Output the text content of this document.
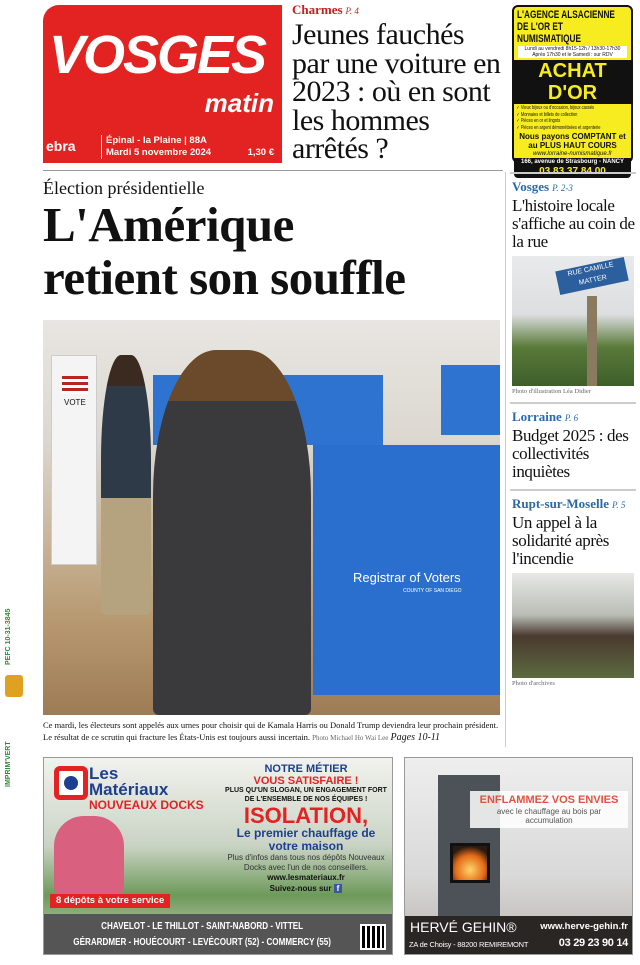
VOSGES
matin
ebra	Épinal - la Plaine | 88A
Mardi 5 novembre 2024	1,30 €
Charmes P. 4
Jeunes fauchés par une voiture en 2023 : où en sont les hommes arrêtés ?
L'AGENCE ALSACIENNE DE L'OR ET NUMISMATIQUE
Lundi au vendredi 8h15-12h / 13h30-17h30 Après 17h30 et le Samedi : sur RDV
ACHAT D'OR
✓ Vieux bijoux ou d'occasion, bijoux cassés
✓ Monnaies et billets de collection
✓ Pièces en or et lingots
✓ Pièces en argent démonétisées et argenterie
Nous payons COMPTANT et au PLUS HAUT COURS
www.lorraine-numismatique.fr
166, avenue de Strasbourg - NANCY
Élection présidentielle
L'Amérique
retient son souffle
VOTE
Registrar of Voters
COUNTY OF SAN DIEGO
Ce mardi, les électeurs sont appelés aux urnes pour choisir qui de Kamala Harris ou Donald Trump deviendra leur prochain président. Le résultat de ce scrutin qui fracture les États-Unis est toujours aussi incertain. Photo Michael Ho Wai Lee Pages 10-11
Vosges P. 2-3
L'histoire locale s'affiche au coin de la rue
RUE CAMILLE MATTER
Photo d'illustration Léa Didier
Lorraine P. 6
Budget 2025 : des collectivités inquiètes
Rupt-sur-Moselle P. 5
Un appel à la solidarité après l'incendie
Photo d'archives
PEFC 10-31-3845
IMPRIM'VERT	Les
Matériaux
NOUVEAUX DOCKS
NOTRE MÉTIER
VOUS SATISFAIRE !
PLUS QU'UN SLOGAN, UN ENGAGEMENT FORT DE L'ENSEMBLE DE NOS ÉQUIPES !
ISOLATION,
Le premier chauffage de votre maison
Plus d'infos dans tous nos dépôts Nouveaux Docks avec l'un de nos conseillers.
www.lesmateriaux.fr
Suivez-nous sur f
8 dépôts à votre service
CHAVELOT - LE THILLOT - SAINT-NABORD - VITTEL
GÉRARDMER - HOUÉCOURT - LEVÉCOURT (52) - COMMERCY (55)
ENFLAMMEZ VOS ENVIES
avec le chauffage au bois par accumulation
HERVÉ GEHIN® www.herve-gehin.fr
ZA de Choisy - 88200 REMIREMONT	03 29 23 90 14
